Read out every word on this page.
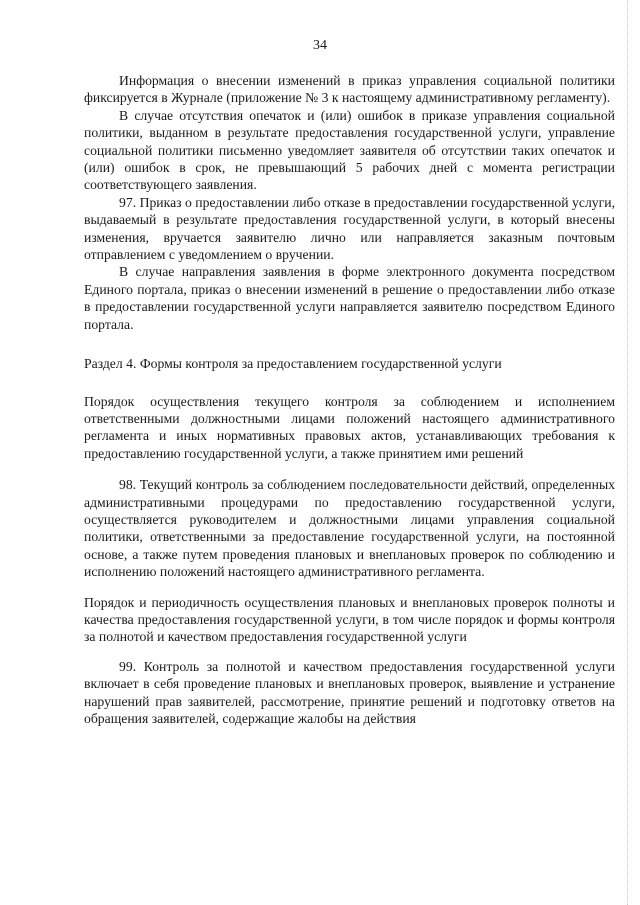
34

Информация о внесении изменений в приказ управления социальной политики фиксируется в Журнале (приложение № 3 к настоящему административному регламенту).

В случае отсутствия опечаток и (или) ошибок в приказе управления социальной политики, выданном в результате предоставления государственной услуги, управление социальной политики письменно уведомляет заявителя об отсутствии таких опечаток и (или) ошибок в срок, не превышающий 5 рабочих дней с момента регистрации соответствующего заявления.

97. Приказ о предоставлении либо отказе в предоставлении государственной услуги, выдаваемый в результате предоставления государственной услуги, в который внесены изменения, вручается заявителю лично или направляется заказным почтовым отправлением с уведомлением о вручении.

В случае направления заявления в форме электронного документа посредством Единого портала, приказ о внесении изменений в решение о предоставлении либо отказе в предоставлении государственной услуги направляется заявителю посредством Единого портала.

Раздел 4. Формы контроля за предоставлением государственной услуги

Порядок осуществления текущего контроля за соблюдением и исполнением ответственными должностными лицами положений настоящего административного регламента и иных нормативных правовых актов, устанавливающих требования к предоставлению государственной услуги, а также принятием ими решений

98. Текущий контроль за соблюдением последовательности действий, определенных административными процедурами по предоставлению государственной услуги, осуществляется руководителем и должностными лицами управления социальной политики, ответственными за предоставление государственной услуги, на постоянной основе, а также путем проведения плановых и внеплановых проверок по соблюдению и исполнению положений настоящего административного регламента.

Порядок и периодичность осуществления плановых и внеплановых проверок полноты и качества предоставления государственной услуги, в том числе порядок и формы контроля за полнотой и качеством предоставления государственной услуги

99. Контроль за полнотой и качеством предоставления государственной услуги включает в себя проведение плановых и внеплановых проверок, выявление и устранение нарушений прав заявителей, рассмотрение, принятие решений и подготовку ответов на обращения заявителей, содержащие жалобы на действия
